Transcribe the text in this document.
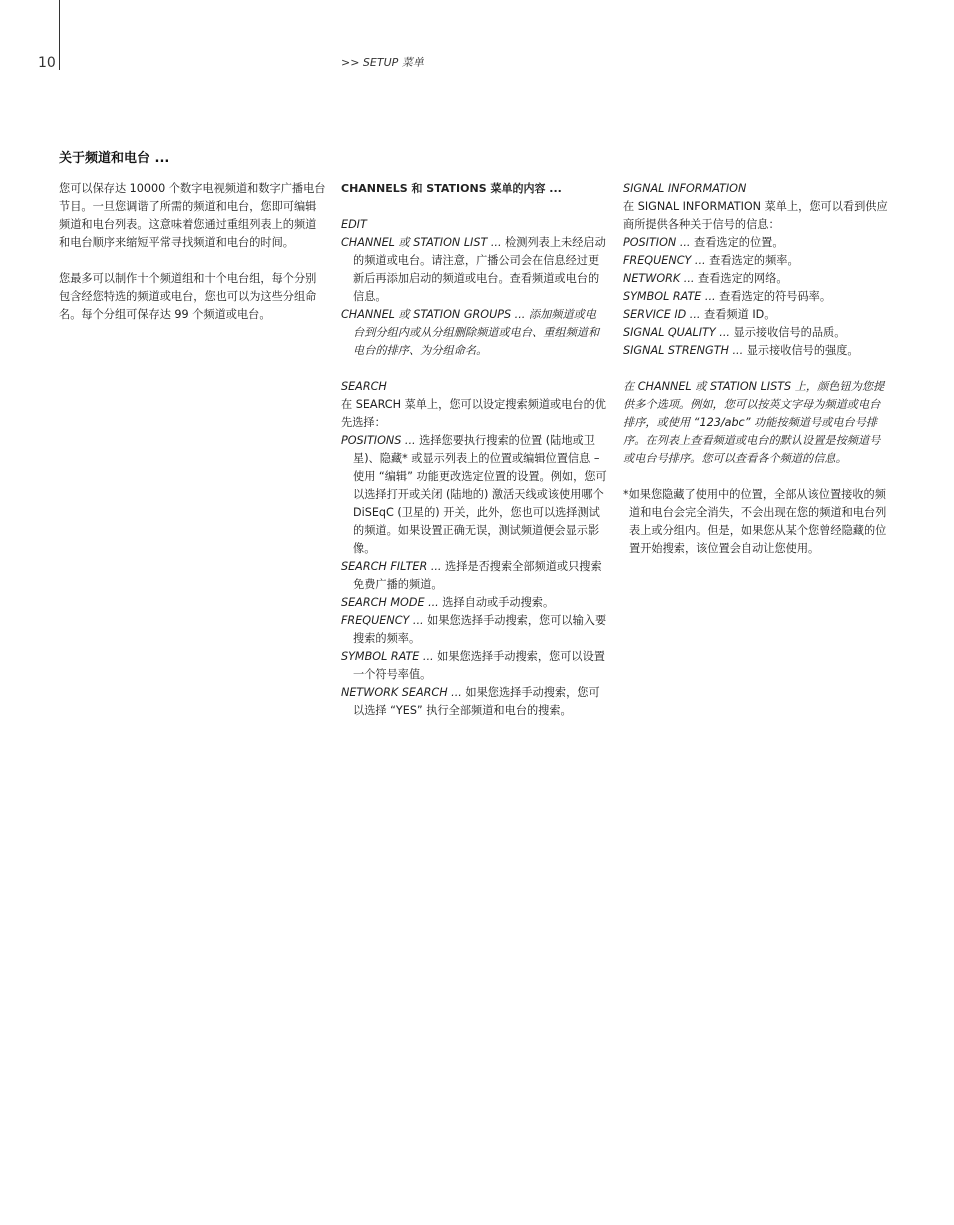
10	>> SETUP 菜单
关于频道和电台 ...

您可以保存达 10000 个数字电视频道和数字广播电台节目。一旦您调谐了所需的频道和电台，您即可编辑频道和电台列表。这意味着您通过重组列表上的频道和电台顺序来缩短平常寻找频道和电台的时间。

您最多可以制作十个频道组和十个电台组，每个分别包含经您特选的频道或电台，您也可以为这些分组命名。每个分组可保存达 99 个频道或电台。

CHANNELS 和 STATIONS 菜单的内容 ...

EDIT

CHANNEL 或 STATION LIST ... 检测列表上未经启动的频道或电台。请注意，广播公司会在信息经过更新后再添加启动的频道或电台。查看频道或电台的信息。

CHANNEL 或 STATION GROUPS ... 添加频道或电台到分组内或从分组删除频道或电台、重组频道和电台的排序、为分组命名。

SEARCH

在 SEARCH 菜单上，您可以设定搜索频道或电台的优先选择：

POSITIONS ... 选择您要执行搜索的位置 (陆地或卫星)、隐藏* 或显示列表上的位置或编辑位置信息 – 使用 “编辑” 功能更改选定位置的设置。例如，您可以选择打开或关闭 (陆地的) 激活天线或该使用哪个 DiSEqC (卫星的) 开关，此外，您也可以选择测试的频道。如果设置正确无误，测试频道便会显示影像。

SEARCH FILTER ... 选择是否搜索全部频道或只搜索免费广播的频道。

SEARCH MODE ... 选择自动或手动搜索。

FREQUENCY ... 如果您选择手动搜索，您可以输入要搜索的频率。

SYMBOL RATE ... 如果您选择手动搜索，您可以设置一个符号率值。

NETWORK SEARCH ... 如果您选择手动搜索，您可以选择 “YES” 执行全部频道和电台的搜索。

SIGNAL INFORMATION

在 SIGNAL INFORMATION 菜单上，您可以看到供应商所提供各种关于信号的信息：

POSITION ... 查看选定的位置。

FREQUENCY ... 查看选定的频率。

NETWORK ... 查看选定的网络。

SYMBOL RATE ... 查看选定的符号码率。

SERVICE ID ... 查看频道 ID。

SIGNAL QUALITY ... 显示接收信号的品质。

SIGNAL STRENGTH ... 显示接收信号的强度。

在 CHANNEL 或 STATION LISTS 上，颜色钮为您提供多个选项。例如，您可以按英文字母为频道或电台排序，或使用 “123/abc” 功能按频道号或电台号排序。在列表上查看频道或电台的默认设置是按频道号或电台号排序。您可以查看各个频道的信息。

*如果您隐藏了使用中的位置，全部从该位置接收的频道和电台会完全消失，不会出现在您的频道和电台列表上或分组内。但是，如果您从某个您曾经隐藏的位置开始搜索，该位置会自动让您使用。
